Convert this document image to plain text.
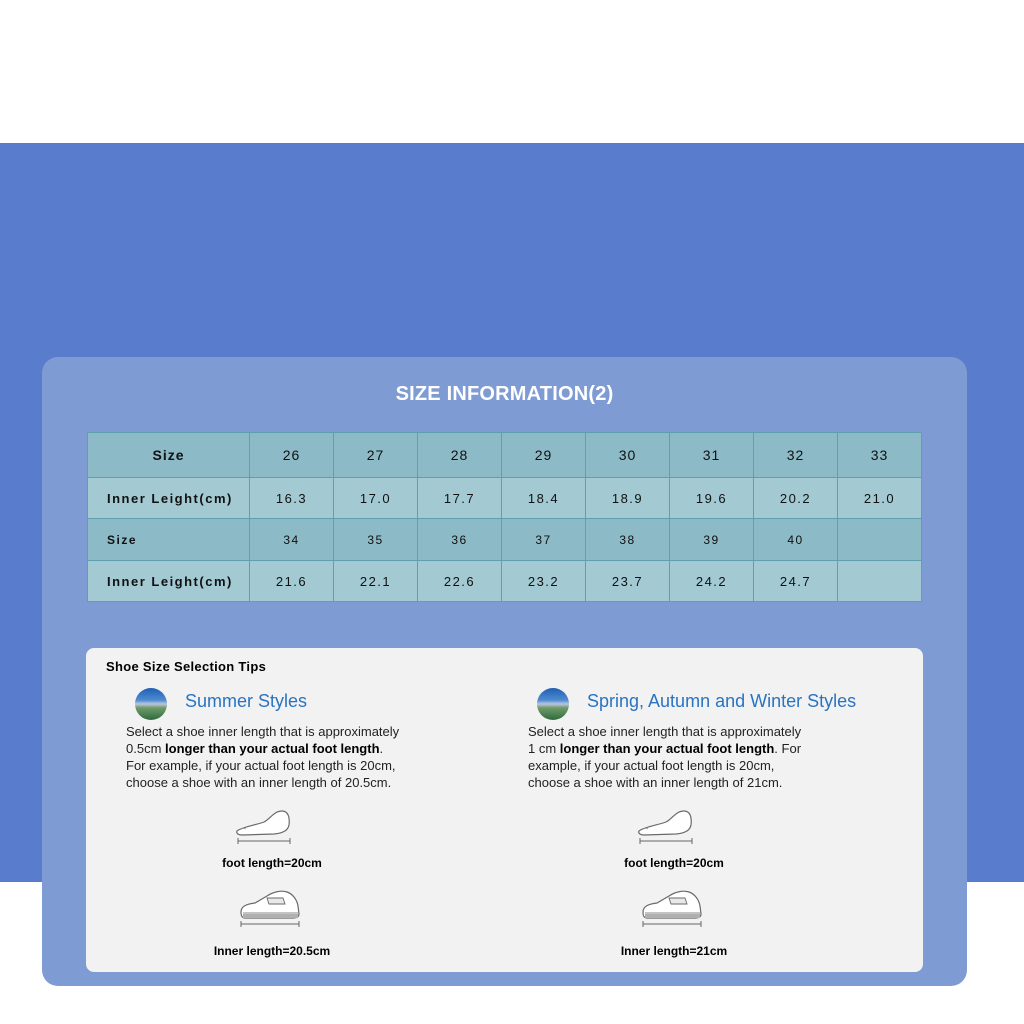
SIZE INFORMATION(2)
Size	26	27	28	29	30	31	32	33
Inner Leight(cm)	16.3	17.0	17.7	18.4	18.9	19.6	20.2	21.0
Size	34	35	36	37	38	39	40	
Inner Leight(cm)	21.6	22.1	22.6	23.2	23.7	24.2	24.7	
Shoe Size Selection Tips
Summer Styles
Select a shoe inner length that is approximately
0.5cm longer than your actual foot length.
For example, if your actual foot length is 20cm,
choose a shoe with an inner length of 20.5cm.
foot length=20cm
Inner length=20.5cm
Spring, Autumn and Winter Styles
Select a shoe inner length that is approximately
1 cm longer than your actual foot length. For
example, if your actual foot length is 20cm,
choose a shoe with an inner length of 21cm.
foot length=20cm
Inner length=21cm
